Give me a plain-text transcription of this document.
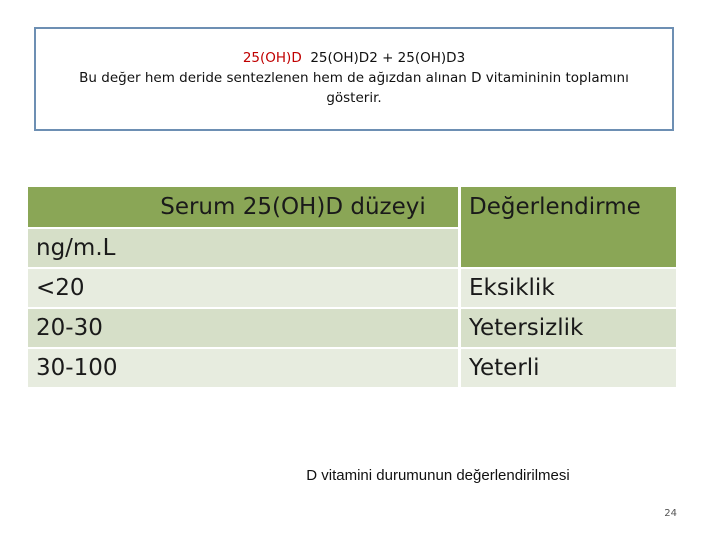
25(OH)D 25(OH)D2 + 25(OH)D3
Bu değer hem deride sentezlenen hem de ağızdan alınan D vitamininin toplamını
gösterir.
Serum 25(OH)D düzeyi	Değerlendirme
ng/m.L	
<20	Eksiklik
20-30	Yetersizlik
30-100	Yeterli
D vitamini durumunun değerlendirilmesi
24
